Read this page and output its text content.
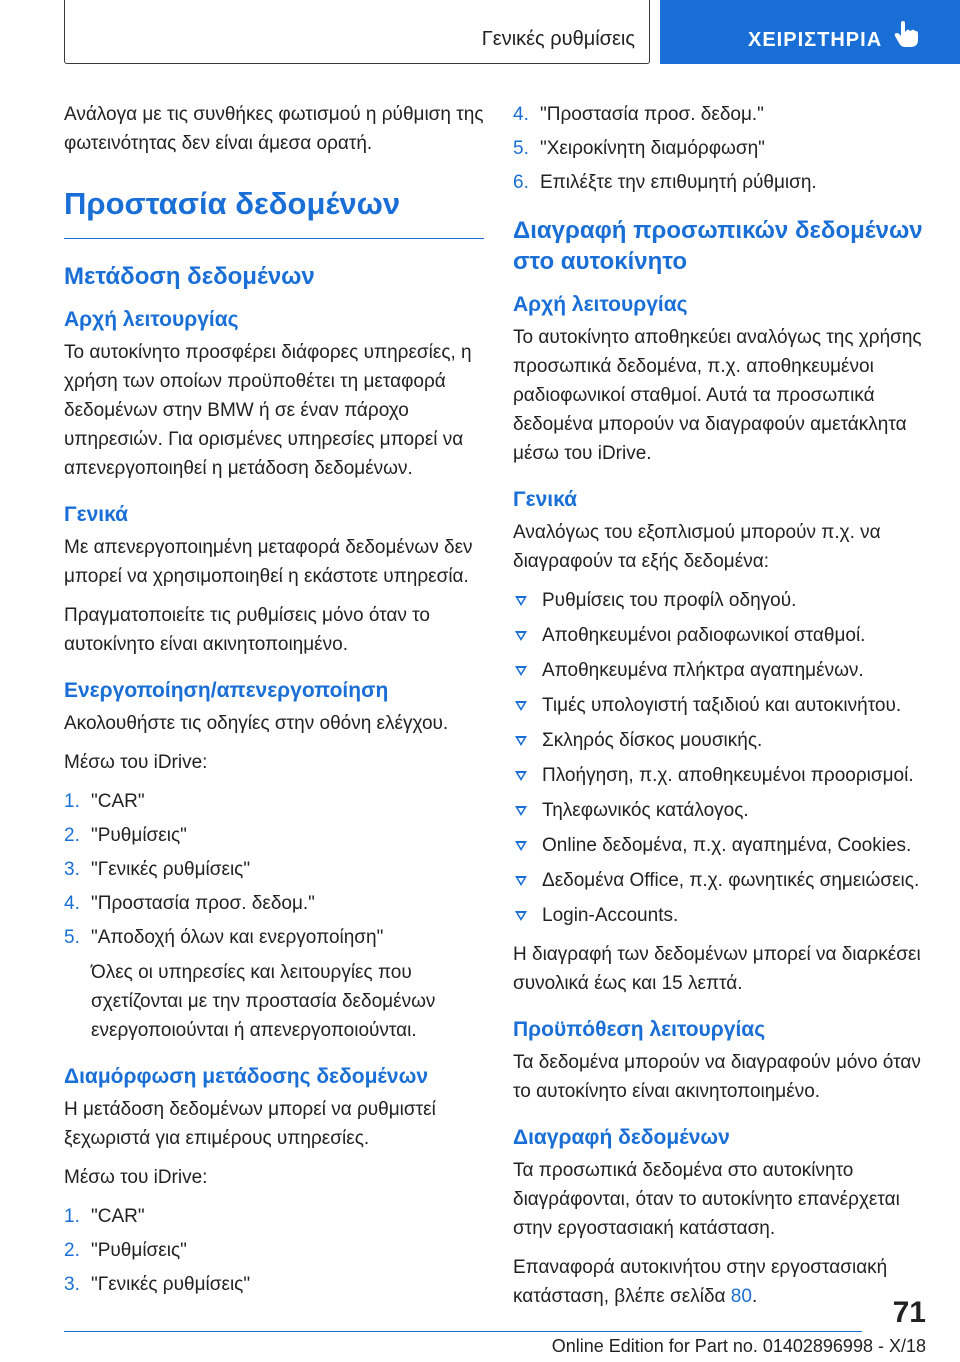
Γενικές ρυθμίσεις	ΧΕΙΡΙΣΤΗΡΙΑ

Ανάλογα με τις συνθήκες φωτισμού η ρύθμιση της φωτεινότητας δεν είναι άμεσα ορατή.

Προστασία δεδομένων
Μετάδοση δεδομένων
Αρχή λειτουργίας

Το αυτοκίνητο προσφέρει διάφορες υπηρεσίες, η χρήση των οποίων προϋποθέτει τη μεταφορά δεδομένων στην BMW ή σε έναν πάροχο υπηρεσιών. Για ορισμένες υπηρεσίες μπορεί να απενεργοποιηθεί η μετάδοση δεδομένων.

Γενικά

Με απενεργοποιημένη μεταφορά δεδομένων δεν μπορεί να χρησιμοποιηθεί η εκάστοτε υπηρεσία.

Πραγματοποιείτε τις ρυθμίσεις μόνο όταν το αυτοκίνητο είναι ακινητοποιημένο.

Ενεργοποίηση/απενεργοποίηση

Ακολουθήστε τις οδηγίες στην οθόνη ελέγχου.

Μέσω του iDrive:

1. "CAR"
2. "Ρυθμίσεις"
3. "Γενικές ρυθμίσεις"
4. "Προστασία προσ. δεδομ."
5. "Αποδοχή όλων και ενεργοποίηση"
Όλες οι υπηρεσίες και λειτουργίες που σχετίζονται με την προστασία δεδομένων ενεργοποιούνται ή απενεργοποιούνται.
Διαμόρφωση μετάδοσης δεδομένων

Η μετάδοση δεδομένων μπορεί να ρυθμιστεί ξεχωριστά για επιμέρους υπηρεσίες.

Μέσω του iDrive:

1. "CAR"
2. "Ρυθμίσεις"
3. "Γενικές ρυθμίσεις"
4. "Προστασία προσ. δεδομ."
5. "Χειροκίνητη διαμόρφωση"
6. Επιλέξτε την επιθυμητή ρύθμιση.
Διαγραφή προσωπικών δεδομένων στο αυτοκίνητο
Αρχή λειτουργίας

Το αυτοκίνητο αποθηκεύει αναλόγως της χρήσης προσωπικά δεδομένα, π.χ. αποθηκευμένοι ραδιοφωνικοί σταθμοί. Αυτά τα προσωπικά δεδομένα μπορούν να διαγραφούν αμετάκλητα μέσω του iDrive.

Γενικά

Αναλόγως του εξοπλισμού μπορούν π.χ. να διαγραφούν τα εξής δεδομένα:

Ρυθμίσεις του προφίλ οδηγού.
Αποθηκευμένοι ραδιοφωνικοί σταθμοί.
Αποθηκευμένα πλήκτρα αγαπημένων.
Τιμές υπολογιστή ταξιδιού και αυτοκινήτου.
Σκληρός δίσκος μουσικής.
Πλοήγηση, π.χ. αποθηκευμένοι προορισμοί.
Τηλεφωνικός κατάλογος.
Online δεδομένα, π.χ. αγαπημένα, Cookies.
Δεδομένα Office, π.χ. φωνητικές σημειώσεις.
Login-Accounts.

Η διαγραφή των δεδομένων μπορεί να διαρκέσει συνολικά έως και 15 λεπτά.

Προϋπόθεση λειτουργίας

Τα δεδομένα μπορούν να διαγραφούν μόνο όταν το αυτοκίνητο είναι ακινητοποιημένο.

Διαγραφή δεδομένων

Τα προσωπικά δεδομένα στο αυτοκίνητο διαγράφονται, όταν το αυτοκίνητο επανέρχεται στην εργοστασιακή κατάσταση.

Επαναφορά αυτοκινήτου στην εργοστασιακή κατάσταση, βλέπε σελίδα 80.	71
Online Edition for Part no. 01402896998 - X/18
